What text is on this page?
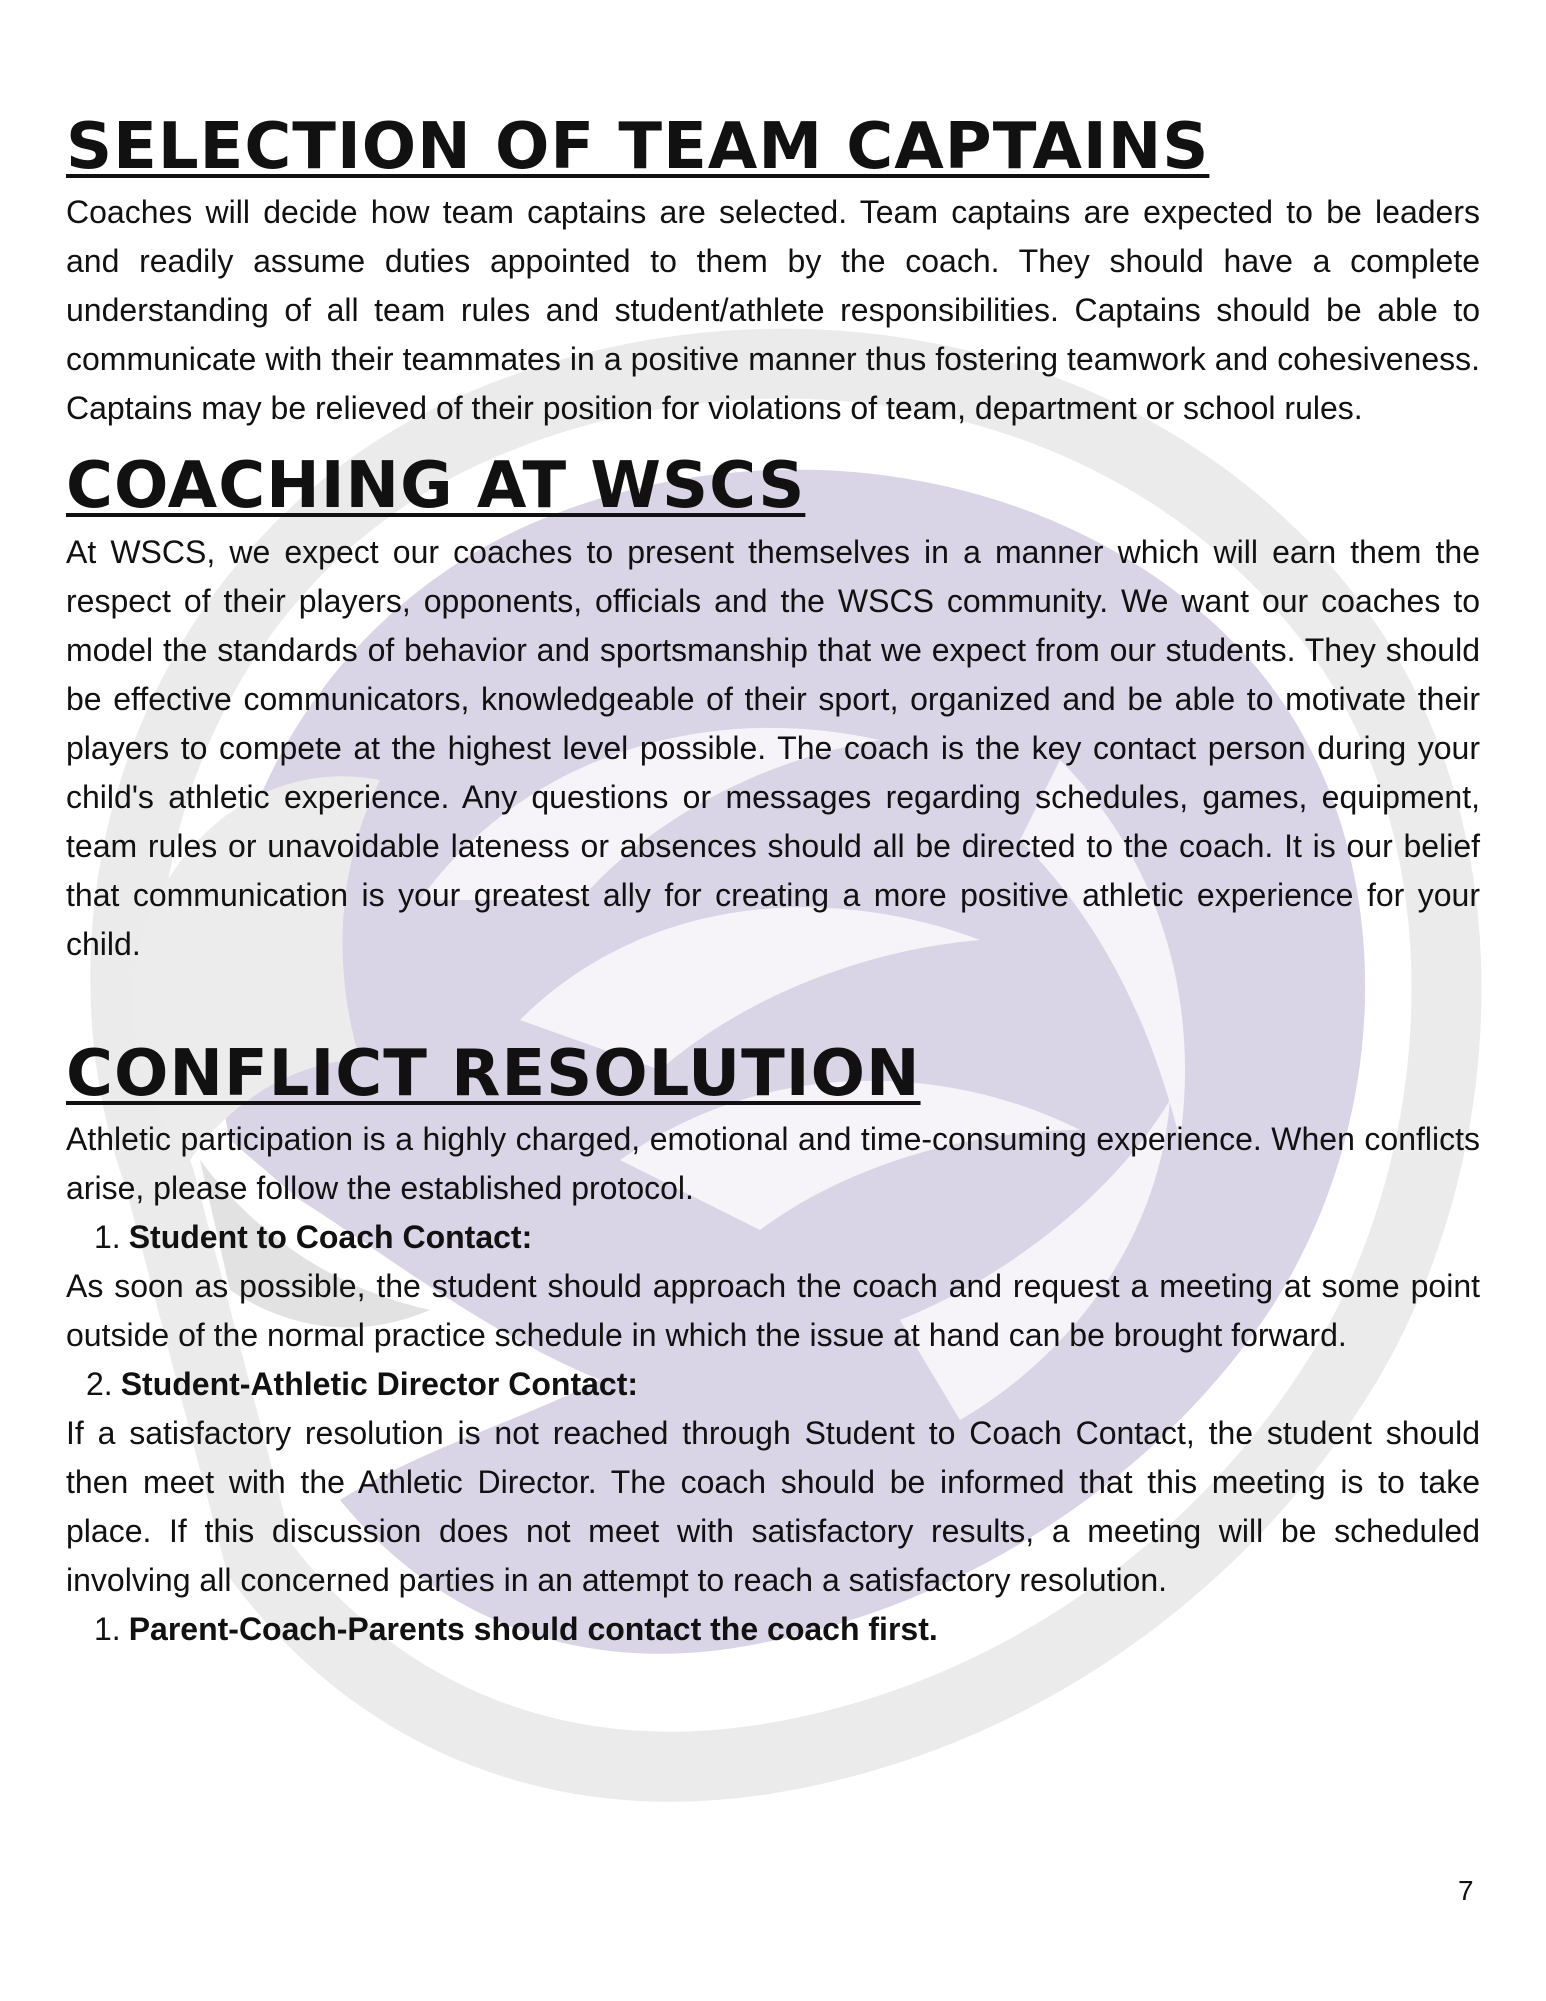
SELECTION OF TEAM CAPTAINS

Coaches will decide how team captains are selected. Team captains are expected to be leaders and readily assume duties appointed to them by the coach. They should have a complete understanding of all team rules and student/athlete responsibilities. Captains should be able to communicate with their teammates in a positive manner thus fostering teamwork and cohesiveness. Captains may be relieved of their position for violations of team, department or school rules.

COACHING AT WSCS

At WSCS, we expect our coaches to present themselves in a manner which will earn them the respect of their players, opponents, officials and the WSCS community. We want our coaches to model the standards of behavior and sportsmanship that we expect from our students. They should be effective communicators, knowledgeable of their sport, organized and be able to motivate their players to compete at the highest level possible. The coach is the key contact person during your child's athletic experience. Any questions or messages regarding schedules, games, equipment, team rules or unavoidable lateness or absences should all be directed to the coach. It is our belief that communication is your greatest ally for creating a more positive athletic experience for your child.

CONFLICT RESOLUTION

Athletic participation is a highly charged, emotional and time-consuming experience. When conflicts arise, please follow the established protocol.

1. Student to Coach Contact:

As soon as possible, the student should approach the coach and request a meeting at some point outside of the normal practice schedule in which the issue at hand can be brought forward.

2. Student-Athletic Director Contact:

If a satisfactory resolution is not reached through Student to Coach Contact, the student should then meet with the Athletic Director. The coach should be informed that this meeting is to take place. If this discussion does not meet with satisfactory results, a meeting will be scheduled involving all concerned parties in an attempt to reach a satisfactory resolution.

1. Parent-Coach-Parents should contact the coach first.
7
